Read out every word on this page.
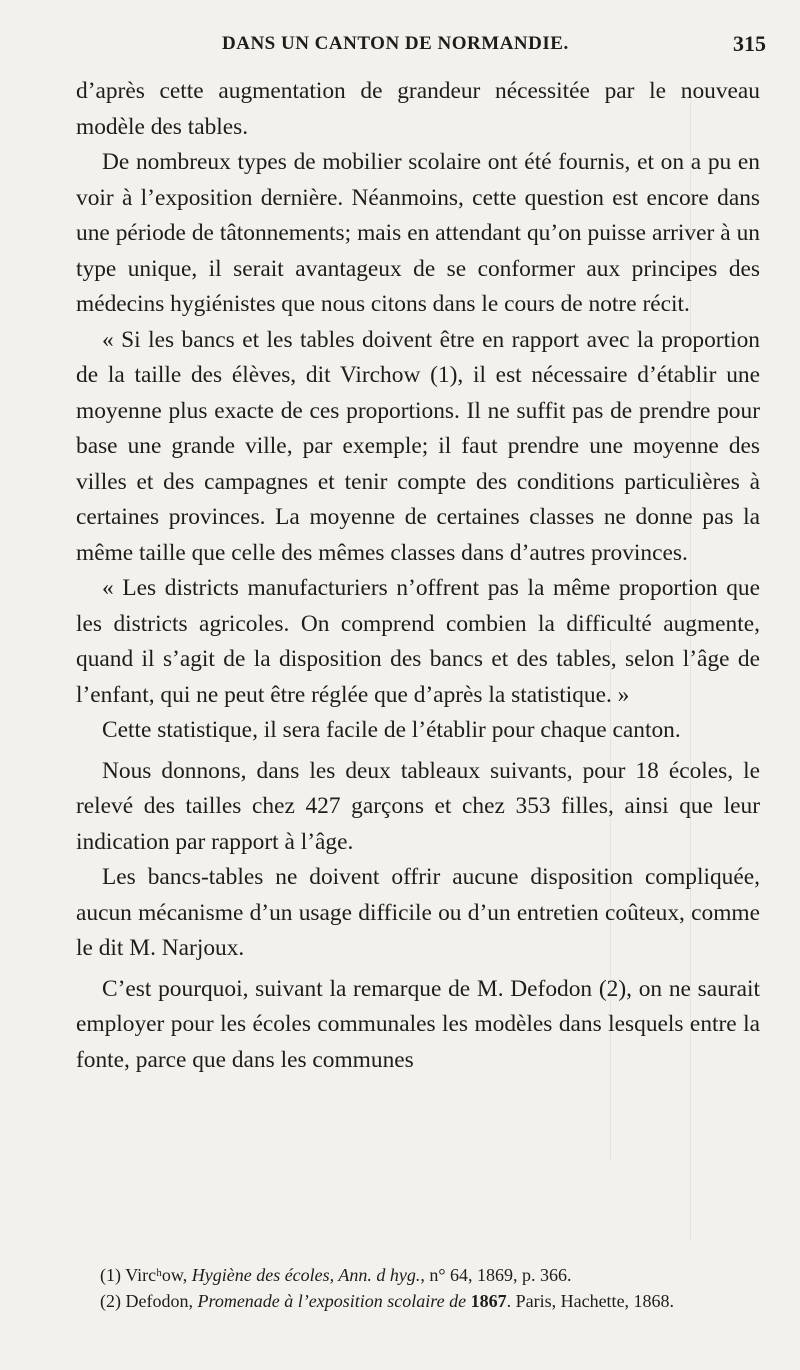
DANS UN CANTON DE NORMANDIE.	315

d’après cette augmentation de grandeur nécessitée par le nouveau modèle des tables.

De nombreux types de mobilier scolaire ont été fournis, et on a pu en voir à l’exposition dernière. Néanmoins, cette question est encore dans une période de tâtonnements; mais en attendant qu’on puisse arriver à un type unique, il serait avantageux de se conformer aux principes des médecins hygiénistes que nous citons dans le cours de notre récit.

« Si les bancs et les tables doivent être en rapport avec la proportion de la taille des élèves, dit Virchow (1), il est nécessaire d’établir une moyenne plus exacte de ces proportions. Il ne suffit pas de prendre pour base une grande ville, par exemple; il faut prendre une moyenne des villes et des campagnes et tenir compte des conditions particulières à certaines provinces. La moyenne de certaines classes ne donne pas la même taille que celle des mêmes classes dans d’autres provinces.

« Les districts manufacturiers n’offrent pas la même proportion que les districts agricoles. On comprend combien la difficulté augmente, quand il s’agit de la disposition des bancs et des tables, selon l’âge de l’enfant, qui ne peut être réglée que d’après la statistique. »

Cette statistique, il sera facile de l’établir pour chaque canton.

Nous donnons, dans les deux tableaux suivants, pour 18 écoles, le relevé des tailles chez 427 garçons et chez 353 filles, ainsi que leur indication par rapport à l’âge.

Les bancs-tables ne doivent offrir aucune disposition compliquée, aucun mécanisme d’un usage difficile ou d’un entretien coûteux, comme le dit M. Narjoux.

C’est pourquoi, suivant la remarque de M. Defodon (2), on ne saurait employer pour les écoles communales les modèles dans lesquels entre la fonte, parce que dans les communes

(1) Vircʰow, Hygiène des écoles, Ann. d hyg., n° 64, 1869, p. 366.

(2) Defodon, Promenade à l’exposition scolaire de 1867. Paris, Hachette, 1868.
